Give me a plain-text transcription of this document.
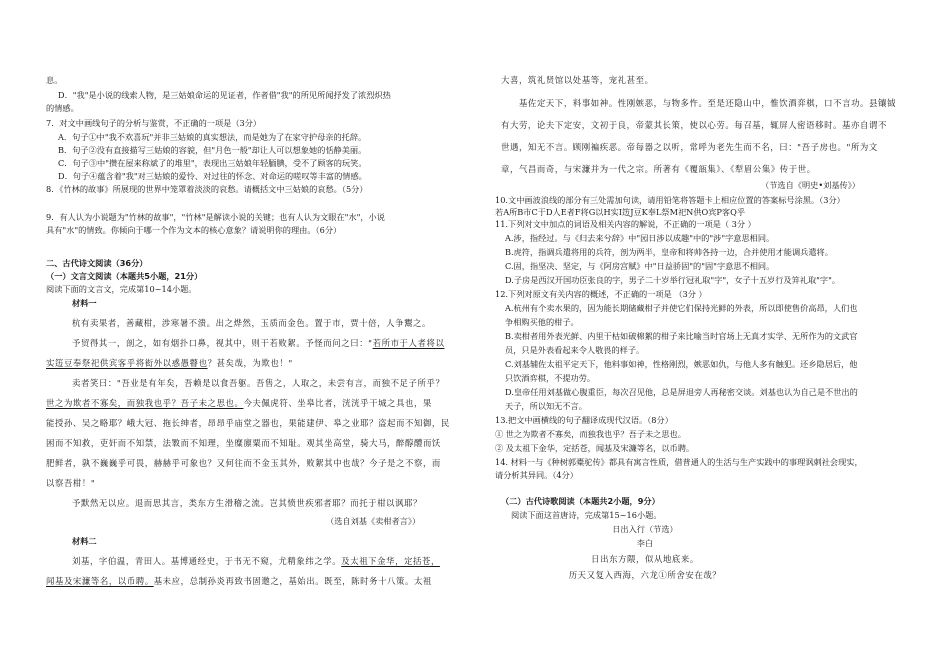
息。
D．"我"是小说的线索人物，是三姑娘命运的见证者，作者借"我"的所见所闻抒发了浓烈炽热
的情感。
7．对文中画线句子的分析与鉴赏，不正确的一项是（3分）
A．句子①中"我不欢喜玩"并非三姑娘的真实想法，而是她为了在家守护母亲的托辞。
B．句子②没有直接描写三姑娘的容貌，但"月色一般"却让人可以想象她的恬静美丽。
C．句子③中"攒在屋来称斌了的堆里"，表现出三姑娘年轻腼腆，受不了顾客的玩笑。
D．句子④蕴含着"我"对三姑娘的爱怜、对过往的怀念、对命运的嗟叹等丰富的情感。
8．《竹林的故事》所展现的世界中笼罩着淡淡的哀愁。请概括文中三姑娘的哀愁。（5分）
9．有人认为小说题为"竹林的故事"，"竹林"是解读小说的关键；也有人认为文眼在"水"，小说
具有"水"的情致。你倾向于哪一个作为文本的核心意象？请说明你的理由。（6分）
二、古代诗文阅读（36分）
（一）文言文阅读（本题共5小题，21分）
阅读下面的文言文，完成第10~14小题。
材料一
杭有卖果者，善藏柑，涉寒暑不溃。出之烨然，玉质而金色。置于市，贾十倍，人争鬻之。
予贸得其一，剖之，如有烟扑口鼻，视其中，则干若败絮。予怪而问之曰："若所市于人者将以
实笾豆奉祭祀供宾客乎将衒外以惑愚瞽也？甚矣哉，为欺也！"
卖者笑曰："吾业是有年矣，吾赖是以食吾躯。吾售之，人取之，未尝有言，而独不足子所乎？
世之为欺者不寡矣，而独我也乎？吾子未之思也。今夫佩虎符、坐皋比者，洸洸乎干城之具也，果
能授孙、吴之略耶？峨大冠、拖长绅者，昂昂乎庙堂之器也，果能建伊、皋之业耶？盗起而不知御，民
困而不知救，吏奸而不知禁，法斁而不知理，坐糜廪粟而不知耻。观其坐高堂，骑大马，醉醇醴而饫
肥鲜者，孰不巍巍乎可畏，赫赫乎可象也？又何往而不金玉其外，败絮其中也哉？今子是之不察，而
以察吾柑！"
予默然无以应。退而思其言，类东方生滑稽之流。岂其愤世疾邪者耶？而托于柑以讽耶？
（选自刘基《卖柑者言》）
材料二
刘基，字伯温，青田人。基博通经史，于书无不窥，尤精象纬之学。及太祖下金华，定括苍，
闻基及宋濂等名，以币聘。基未应，总制孙炎再致书固邀之，基始出。既至，陈时务十八策。太祖
大喜，筑礼贤馆以处基等，宠礼甚至。
基佐定天下，料事如神。性刚嫉恶，与物多忤。至是还隐山中，惟饮酒弈棋，口不言功。县镶钺
有大劳，论夫下定安，文初于良，帝蒙其长策，使以心劳。每召基，辄屏人密语移时。基亦自谓不
世遇，知无不言。顾刚褊疾恶。帝每器之以听，常呼为老先生而不名，曰："吾子房也。"所为文
章，气昌而奇，与宋濂并为一代之宗。所著有《覆瓿集》、《犁眉公集》传于世。
（节选自《明史•刘基传》）
10.文中画波浪线的部分有三处需加句读，请用铅笔将答题卡上相应位置的答案标号涂黑。（3分）
若A所B市C于D人E者F将G以H实I笾J豆K奉L祭M祀N供O宾P客Q乎
11.下列对文中加点的词语及相关内容的解说，不正确的一项是（ 3分 ）
A.涉，指经过。与《归去来兮辞》中"园日涉以成趣"中的"涉"字意思相同。
B.虎符，指调兵遣将用的兵符，剖为两半，皇帝和将帅各持一边，合并使用才能调兵遣将。
C.固，指坚决、坚定，与《阿房宫赋》中"日益骄固"的"固"字意思不相同。
D.子房是西汉开国功臣张良的字，男子二十岁举行冠礼取"字"，女子十五岁行及笄礼取"字"。
12.下列对原文有关内容的概述，不正确的一项是 （3分 ）
A.杭州有个卖水果的，因为能长期储藏柑子并使它们保持光鲜的外表，所以即使售价高昂，人们也
争相购买他的柑子。
B.卖柑者用外表光鲜、内里干枯如破棉絮的柑子来比喻当时官场上无真才实学、无所作为的文武官
员，只是外表看起来令人敬畏的样子。
C.刘基辅佐太祖平定天下，他料事如神，性格刚烈，嫉恶如仇，与他人多有触犯。还乡隐居后，他
只饮酒弈棋，不提功劳。
D.皇帝任用刘基做心腹重臣，每次召见他，总是屏退旁人再秘密交谈。刘基也认为自己是不世出的
天子，所以知无不言。
13.把文中画横线的句子翻译成现代汉语。（8分）
① 世之为欺者不寡矣，而独我也乎？吾子未之思也。
② 及太祖下金华，定括苍，闻基及宋濂等名，以币聘。
14. 材料一与《种树郭橐驼传》都具有寓言性质，借普通人的生活与生产实践中的事理讽刺社会现实，
请分析其异同。（4分）
（二）古代诗歌阅读（本题共2小题，9分）
阅读下面这首唐诗，完成第15~16小题。
日出入行（节选）
李白
日出东方隈，似从地底来。
历天又复入西海，六龙①所舍安在哉？
